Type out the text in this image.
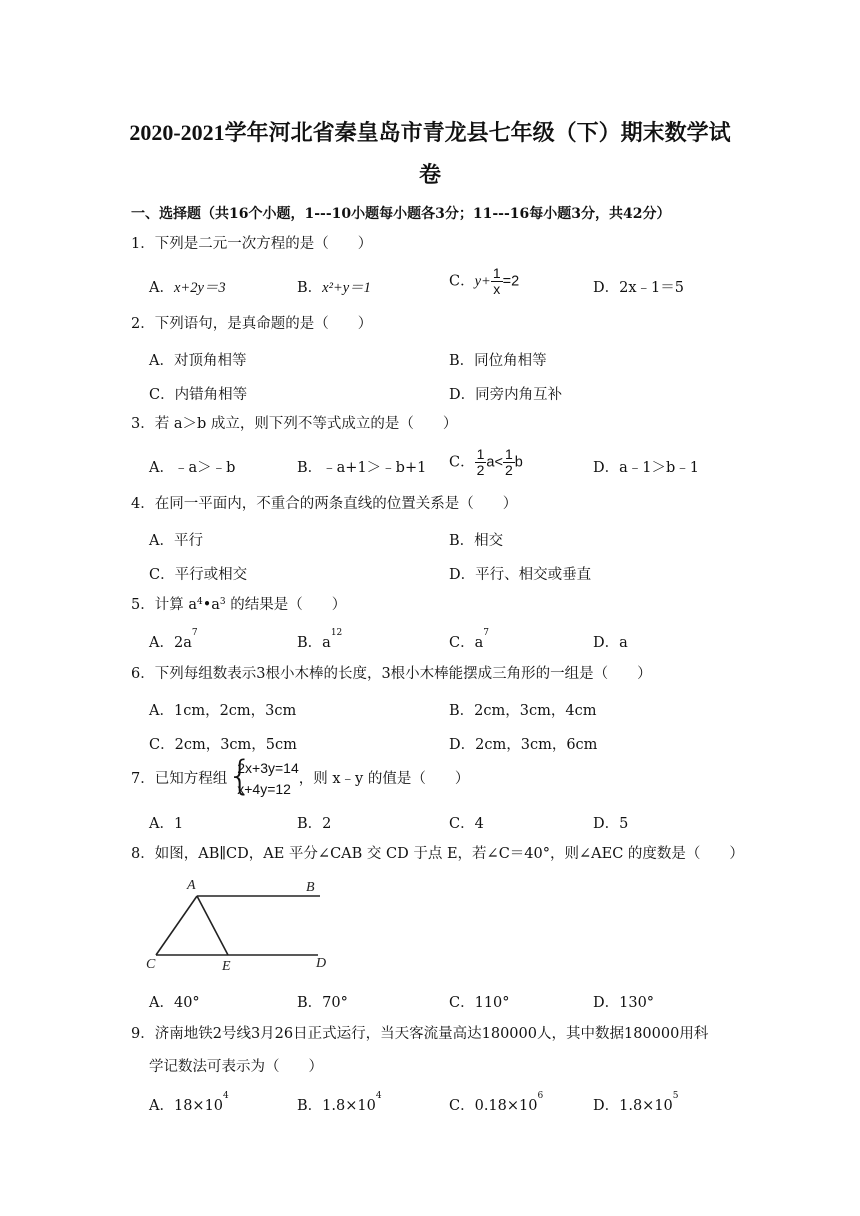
2020-2021学年河北省秦皇岛市青龙县七年级（下）期末数学试
卷
一、选择题（共16个小题，1---10小题每小题各3分；11---16每小题3分，共42分）
1．下列是二元一次方程的是（　　）
A．x+2y＝3	B．x²+y＝1	C．$y+ \frac{1}{x} =2$	D．2x﹣1＝5
2．下列语句，是真命题的是（　　）
A．对顶角相等	B．同位角相等
C．内错角相等	D．同旁内角互补
3．若 a＞b 成立，则下列不等式成立的是（　　）
A．﹣a＞﹣b	B．﹣a+1＞﹣b+1 C． $\frac{1}{2} a< \frac{1}{2}$ b	D．a﹣1＞b﹣1
4．在同一平面内，不重合的两条直线的位置关系是（　　）
A．平行	B．相交
C．平行或相交	D．平行、相交或垂直
5．计算 $a^4•a^3$ 的结果是（　　）
A．$2a^7$
B．$a^{12}$
C．$a^7$
D．a
6．下列每组数表示3根小木棒的长度，3根小木棒能摆成三角形的一组是（　　）
A．1cm，2cm，3cm	B．2cm，3cm，4cm
C．2cm，3cm，5cm	D．2cm，3cm，6cm
7．已知方程组 {
2x+3y=14
x+4y=12
，则 x﹣y 的值是（　　）
A．1	B．2	C．4	D．5
8．如图，AB∥CD，AE 平分∠CAB 交 CD 于点 E，若∠C＝40°，则∠AEC 的度数是（　　）
A	B
C	E	D
A．40°	B．70°	C．110°	D．130°
9．济南地铁2号线3月26日正式运行，当天客流量高达180000人，其中数据180000用科
学记数法可表示为（　　）
A．$18\times 10^4$
B．$1.8\times 10^4$
C．$0.18\times 10^6$
D．$1.8\times 10^5$
